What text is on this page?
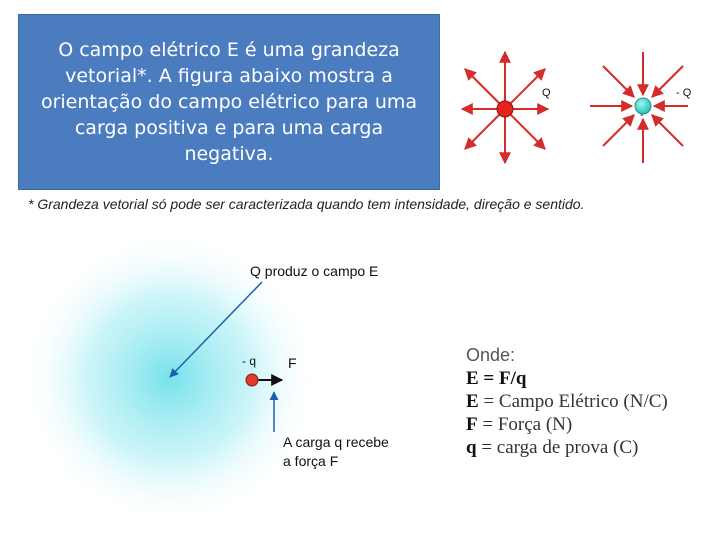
O campo elétrico E é uma grandeza
vetorial*. A figura abaixo mostra a
orientação do campo elétrico para uma
carga positiva e para uma carga
negativa.
Q
-
- Q
Q produz o campo E
- q F
A carga q recebe
a força F
* Grandeza vetorial só pode ser caracterizada quando tem intensidade, direção e sentido.
Onde:
E = F/q
E = Campo Elétrico (N/C)
F = Força (N)
q = carga de prova (C)
